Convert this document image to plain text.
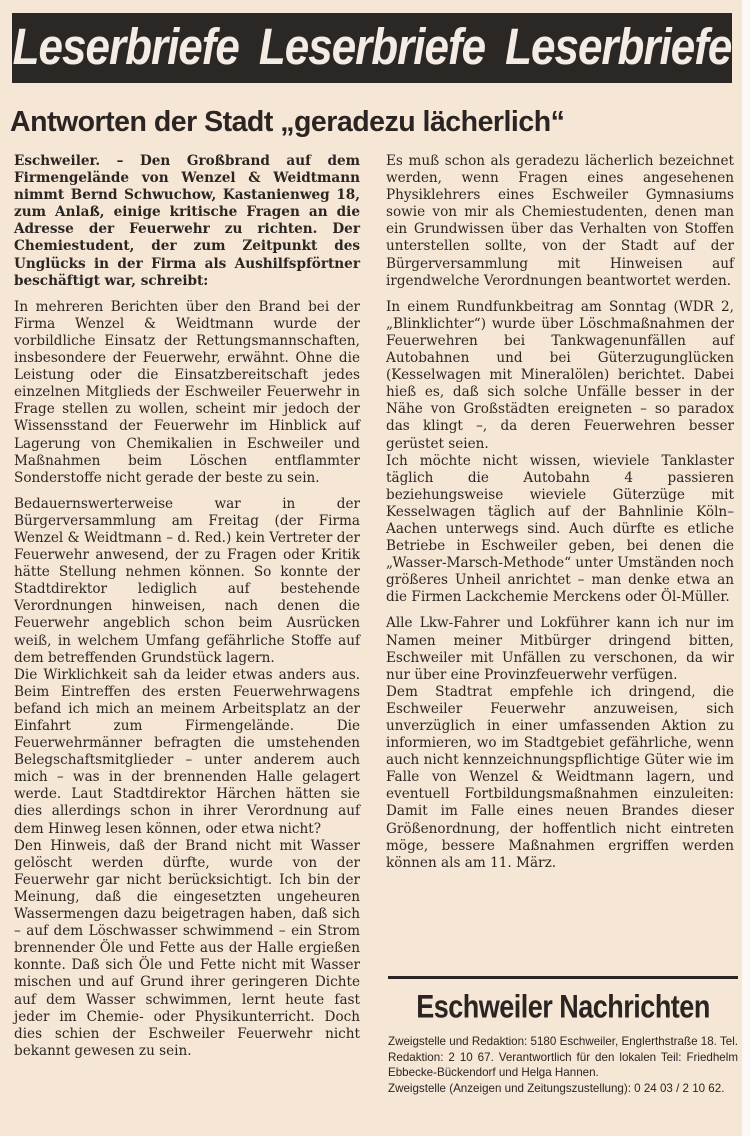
Leserbriefe Leserbriefe Leserbriefe
Antworten der Stadt „geradezu lächerlich“

Eschweiler. – Den Großbrand auf dem Firmengelände von Wenzel & Weidtmann nimmt Bernd Schwuchow, Kastanienweg 18, zum Anlaß, einige kritische Fragen an die Adresse der Feuerwehr zu richten. Der Chemiestudent, der zum Zeitpunkt des Unglücks in der Firma als Aushilfspförtner beschäftigt war, schreibt:

In mehreren Berichten über den Brand bei der Firma Wenzel & Weidtmann wurde der vorbildliche Einsatz der Rettungsmannschaften, insbesondere der Feuerwehr, erwähnt. Ohne die Leistung oder die Einsatzbereitschaft jedes einzelnen Mitglieds der Eschweiler Feuerwehr in Frage stellen zu wollen, scheint mir jedoch der Wissensstand der Feuerwehr im Hinblick auf Lagerung von Chemikalien in Eschweiler und Maßnahmen beim Löschen entflammter Sonderstoffe nicht gerade der beste zu sein.

Bedauernswerterweise war in der Bürgerversammlung am Freitag (der Firma Wenzel & Weidtmann – d. Red.) kein Vertreter der Feuerwehr anwesend, der zu Fragen oder Kritik hätte Stellung nehmen können. So konnte der Stadtdirektor lediglich auf bestehende Verordnungen hinweisen, nach denen die Feuerwehr angeblich schon beim Ausrücken weiß, in welchem Umfang gefährliche Stoffe auf dem betreffenden Grundstück lagern.

Die Wirklichkeit sah da leider etwas anders aus. Beim Eintreffen des ersten Feuerwehrwagens befand ich mich an meinem Arbeitsplatz an der Einfahrt zum Firmengelände. Die Feuerwehrmänner befragten die umstehenden Belegschaftsmitglieder – unter anderem auch mich – was in der brennenden Halle gelagert werde. Laut Stadtdirektor Härchen hätten sie dies allerdings schon in ihrer Verordnung auf dem Hinweg lesen können, oder etwa nicht?

Den Hinweis, daß der Brand nicht mit Wasser gelöscht werden dürfte, wurde von der Feuerwehr gar nicht berücksichtigt. Ich bin der Meinung, daß die eingesetzten ungeheuren Wassermengen dazu beigetragen haben, daß sich – auf dem Löschwasser schwimmend – ein Strom brennender Öle und Fette aus der Halle ergießen konnte. Daß sich Öle und Fette nicht mit Wasser mischen und auf Grund ihrer geringeren Dichte auf dem Wasser schwimmen, lernt heute fast jeder im Chemie- oder Physikunterricht. Doch dies schien der Eschweiler Feuerwehr nicht bekannt gewesen zu sein.

Es muß schon als geradezu lächerlich bezeichnet werden, wenn Fragen eines angesehenen Physiklehrers eines Eschweiler Gymnasiums sowie von mir als Chemiestudenten, denen man ein Grundwissen über das Verhalten von Stoffen unterstellen sollte, von der Stadt auf der Bürgerversammlung mit Hinweisen auf irgendwelche Verordnungen beantwortet werden.

In einem Rundfunkbeitrag am Sonntag (WDR 2, „Blinklichter“) wurde über Löschmaßnahmen der Feuerwehren bei Tankwagenunfällen auf Autobahnen und bei Güterzugunglücken (Kesselwagen mit Mineralölen) berichtet. Dabei hieß es, daß sich solche Unfälle besser in der Nähe von Großstädten ereigneten – so paradox das klingt –, da deren Feuerwehren besser gerüstet seien.

Ich möchte nicht wissen, wieviele Tanklaster täglich die Autobahn 4 passieren beziehungsweise wieviele Güterzüge mit Kesselwagen täglich auf der Bahnlinie Köln–Aachen unterwegs sind. Auch dürfte es etliche Betriebe in Eschweiler geben, bei denen die „Wasser-Marsch-Methode“ unter Umständen noch größeres Unheil anrichtet – man denke etwa an die Firmen Lackchemie Merckens oder Öl-Müller.

Alle Lkw-Fahrer und Lokführer kann ich nur im Namen meiner Mitbürger dringend bitten, Eschweiler mit Unfällen zu verschonen, da wir nur über eine Provinzfeuerwehr verfügen.

Dem Stadtrat empfehle ich dringend, die Eschweiler Feuerwehr anzuweisen, sich unverzüglich in einer umfassenden Aktion zu informieren, wo im Stadtgebiet gefährliche, wenn auch nicht kennzeichnungspflichtige Güter wie im Falle von Wenzel & Weidtmann lagern, und eventuell Fortbildungsmaßnahmen einzuleiten: Damit im Falle eines neuen Brandes dieser Größenordnung, der hoffentlich nicht eintreten möge, bessere Maßnahmen ergriffen werden können als am 11. März.

Eschweiler Nachrichten

Zweigstelle und Redaktion: 5180 Eschweiler, Englerthstraße 18. Tel. Redaktion: 2 10 67. Verantwortlich für den lokalen Teil: Friedhelm Ebbecke-Bückendorf und Helga Hannen.

Zweigstelle (Anzeigen und Zeitungszustellung): 0 24 03 / 2 10 62.
